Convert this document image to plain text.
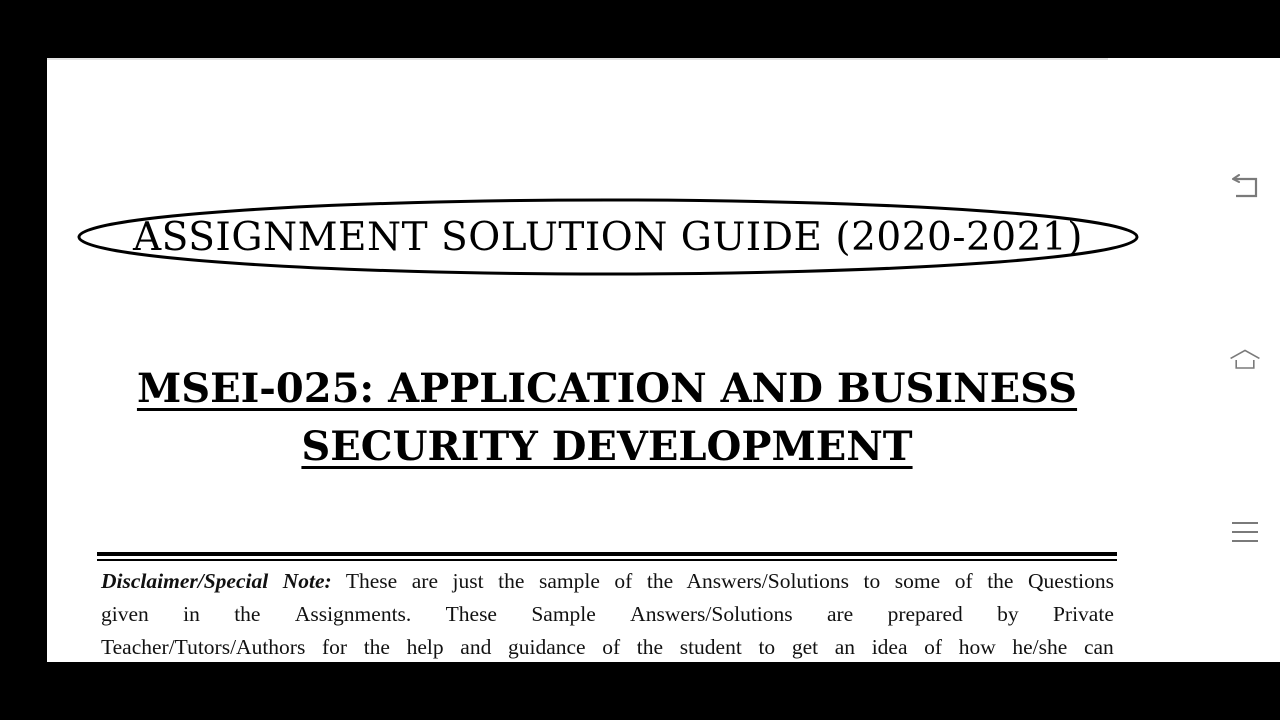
ASSIGNMENT SOLUTION GUIDE (2020-2021)
MSEI-025: APPLICATION AND BUSINESS
SECURITY DEVELOPMENT
Disclaimer/Special Note: These are just the sample of the Answers/Solutions to some of the Questions
given in the Assignments. These Sample Answers/Solutions are prepared by Private
Teacher/Tutors/Authors for the help and guidance of the student to get an idea of how he/she can
